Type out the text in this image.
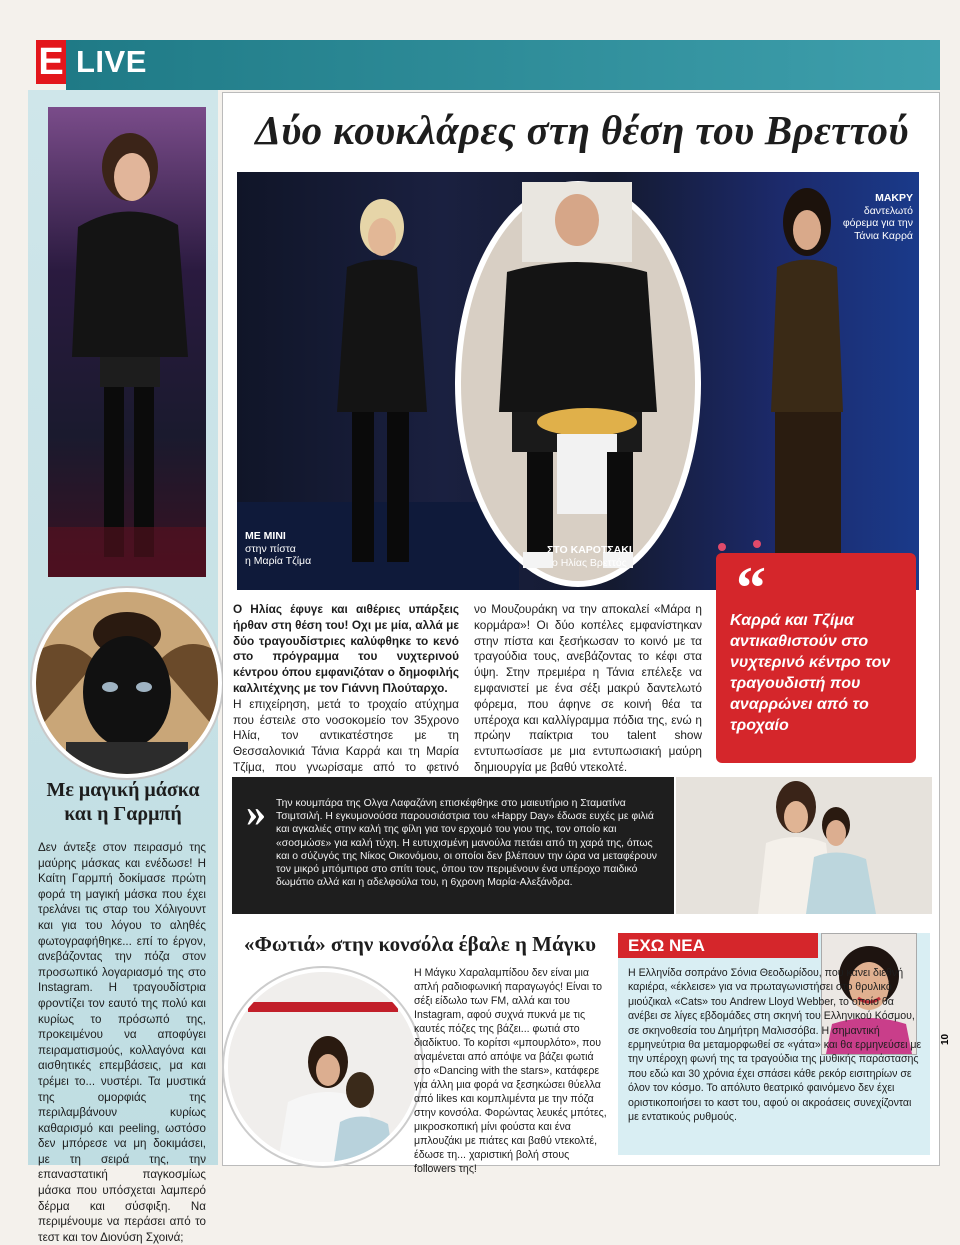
E LIVE
Με μαγική μάσκα και η Γαρμπή
Δεν άντεξε στον πειρασμό της μαύρης μάσκας και ενέδωσε! Η Καίτη Γαρμπή δοκίμασε πρώτη φορά τη μαγική μάσκα που έχει τρελάνει τις σταρ του Χόλιγουντ και για του λόγου το αληθές φωτογραφήθηκε... επί το έργον, ανεβάζοντας την πόζα στον προσωπικό λογαριασμό της στο Instagram. Η τραγουδίστρια φροντίζει τον εαυτό της πολύ και κυρίως το πρόσωπό της, προκειμένου να αποφύγει πειραματισμούς, κολλαγόνα και αισθητικές επεμβάσεις, μα και τρέμει το... νυστέρι. Τα μυστικά της ομορφιάς της περιλαμβάνουν κυρίως καθαρισμό και peeling, ωστόσο δεν μπόρεσε να μη δοκιμάσει, με τη σειρά της, την επαναστατική παγκοσμίως μάσκα που υπόσχεται λαμπερό δέρμα και σύσφιξη. Να περιμένουμε να περάσει από το τεστ και τον Διονύση Σχοινά;
Δύο κουκλάρες στη θέση του Βρεττού
ΜΕ ΜΙΝΙ
στην πίστα
η Μαρία Τζίμα
ΣΤΟ ΚΑΡΟΤΣΑΚΙ
ο Ηλίας Βρεττός
ΜΑΚΡΥ
δαντελωτό
φόρεμα για την
Τάνια Καρρά
“
Καρρά και Τζίμα αντικαθιστούν στο νυχτερινό κέντρο τον τραγουδιστή που αναρρώνει από το τροχαίο
Ο Ηλίας έφυγε και αιθέριες υπάρξεις ήρθαν στη θέση του! Οχι με μία, αλλά με δύο τραγουδίστριες καλύφθηκε το κενό στο πρόγραμμα του νυχτερινού κέντρου όπου εμφανιζόταν ο δημοφιλής καλλιτέχνης με τον Γιάννη Πλούταρχο.
Η επιχείρηση, μετά το τροχαίο ατύχημα που έστειλε στο νοσοκομείο τον 35χρονο Ηλία, τον αντικατέστησε με τη Θεσσαλονικιά Τάνια Καρρά και τη Μαρία Τζίμα, που γνωρίσαμε από το φετινό
νο Μουζουράκη να την αποκαλεί «Μάρα η κορμάρα»! Οι δύο κοπέλες εμφανίστηκαν στην πίστα και ξεσήκωσαν το κοινό με τα τραγούδια τους, ανεβάζοντας το κέφι στα ύψη. Στην πρεμιέρα η Τάνια επέλεξε να εμφανιστεί με ένα σέξι μακρύ δαντελωτό φόρεμα, που άφηνε σε κοινή θέα τα υπέροχα και καλλίγραμμα πόδια της, ενώ η πρώην παίκτρια του talent show εντυπωσίασε με μια εντυπωσιακή μαύρη δημιουργία με βαθύ ντεκολτέ.
» Την κουμπάρα της Ολγα Λαφαζάνη επισκέφθηκε στο μαιευτήριο η Σταματίνα Τσιμτσιλή. Η εγκυμονούσα παρουσιάστρια του «Happy Day» έδωσε ευχές με φιλιά και αγκαλιές στην καλή της φίλη για τον ερχομό του γιου της, τον οποίο και «σοσμώσε» για καλή τύχη. Η ευτυχισμένη μανούλα πετάει από τη χαρά της, όπως και ο σύζυγός της Νίκος Οικονόμου, οι οποίοι δεν βλέπουν την ώρα να μεταφέρουν τον μικρό μπόμπιρα στο σπίτι τους, όπου τον περιμένουν ένα υπέροχο παιδικό δωμάτιο αλλά και η αδελφούλα του, η 6χρονη Μαρία-Αλεξάνδρα.
«Φωτιά» στην κονσόλα έβαλε η Μάγκυ
Η Μάγκυ Χαραλαμπίδου δεν είναι μια απλή ραδιοφωνική παραγωγός! Είναι το σέξι είδωλο των FM, αλλά και του Instagram, αφού συχνά πυκνά με τις καυτές πόζες της βάζει... φωτιά στο διαδίκτυο. Το κορίτσι «μπουρλότο», που αναμένεται από απόψε να βάζει φωτιά στο «Dancing with the stars», κατάφερε για άλλη μια φορά να ξεσηκώσει θύελλα από likes και κομπλιμέντα με την πόζα στην κονσόλα. Φορώντας λευκές μπότες, μικροσκοπική μίνι φούστα και ένα μπλουζάκι με πιάτες και βαθύ ντεκολτέ, έδωσε τη... χαριστική βολή στους followers της!
ΕΧΩ ΝΕΑ
Η Ελληνίδα σοπράνο Σόνια Θεοδωρίδου, που κάνει διεθνή καριέρα, «έκλεισε» για να πρωταγωνιστήσει στο θρυλικό μιούζικαλ «Cats» του Andrew Lloyd Webber, το οποίο θα ανέβει σε λίγες εβδομάδες στη σκηνή του Ελληνικού Κόσμου, σε σκηνοθεσία του Δημήτρη Μαλισσόβα. Η σημαντική ερμηνεύτρια θα μεταμορφωθεί σε «γάτα» και θα ερμηνεύσει με την υπέροχη φωνή της τα τραγούδια της μυθικής παράστασης που εδώ και 30 χρόνια έχει σπάσει κάθε ρεκόρ εισιτηρίων σε όλον τον κόσμο. Το απόλυτο θεατρικό φαινόμενο δεν έχει οριστικοποιήσει το καστ του, αφού οι ακροάσεις συνεχίζονται με εντατικούς ρυθμούς.
10
